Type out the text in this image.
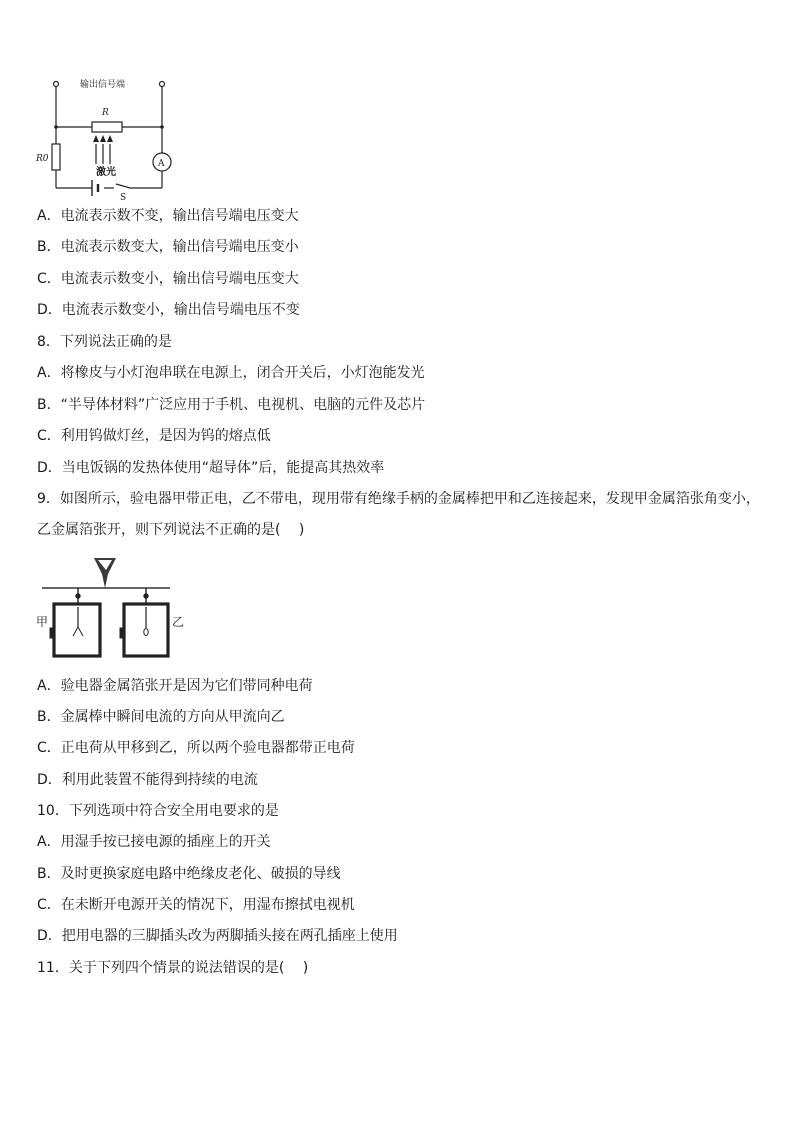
输出信号端
R
R0
激光
A
S
A．电流表示数不变，输出信号端电压变大
B．电流表示数变大，输出信号端电压变小
C．电流表示数变小，输出信号端电压变大
D．电流表示数变小，输出信号端电压不变
8．下列说法正确的是
A．将橡皮与小灯泡串联在电源上，闭合开关后，小灯泡能发光
B．“半导体材料”广泛应用于手机、电视机、电脑的元件及芯片
C．利用钨做灯丝，是因为钨的熔点低
D．当电饭锅的发热体使用“超导体”后，能提高其热效率
9．如图所示，验电器甲带正电，乙不带电，现用带有绝缘手柄的金属棒把甲和乙连接起来，发现甲金属箔张角变小，
乙金属箔张开，则下列说法不正确的是(　 )
甲	乙
A．验电器金属箔张开是因为它们带同种电荷
B．金属棒中瞬间电流的方向从甲流向乙
C．正电荷从甲移到乙，所以两个验电器都带正电荷
D．利用此装置不能得到持续的电流
10．下列选项中符合安全用电要求的是
A．用湿手按已接电源的插座上的开关
B．及时更换家庭电路中绝缘皮老化、破损的导线
C．在未断开电源开关的情况下，用湿布擦拭电视机
D．把用电器的三脚插头改为两脚插头接在两孔插座上使用
11．关于下列四个情景的说法错误的是(　 )
